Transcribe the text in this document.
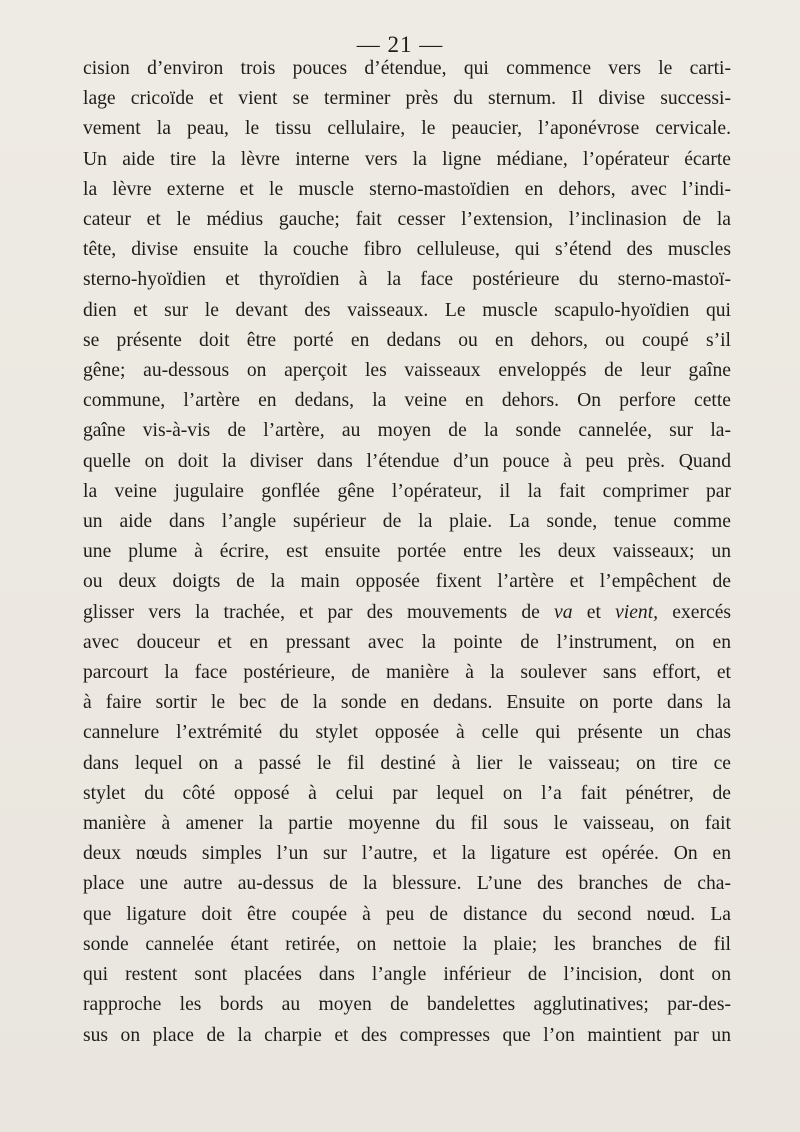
— 21 —
cision d’environ trois pouces d’étendue, qui commence vers le carti-
lage cricoïde et vient se terminer près du sternum. Il divise successi-
vement la peau, le tissu cellulaire, le peaucier, l’aponévrose cervicale.
Un aide tire la lèvre interne vers la ligne médiane, l’opérateur écarte
la lèvre externe et le muscle sterno-mastoïdien en dehors, avec l’indi-
cateur et le médius gauche; fait cesser l’extension, l’inclinasion de la
tête, divise ensuite la couche fibro celluleuse, qui s’étend des muscles
sterno-hyoïdien et thyroïdien à la face postérieure du sterno-mastoï-
dien et sur le devant des vaisseaux. Le muscle scapulo-hyoïdien qui
se présente doit être porté en dedans ou en dehors, ou coupé s’il
gêne; au-dessous on aperçoit les vaisseaux enveloppés de leur gaîne
commune, l’artère en dedans, la veine en dehors. On perfore cette
gaîne vis-à-vis de l’artère, au moyen de la sonde cannelée, sur la-
quelle on doit la diviser dans l’étendue d’un pouce à peu près. Quand
la veine jugulaire gonflée gêne l’opérateur, il la fait comprimer par
un aide dans l’angle supérieur de la plaie. La sonde, tenue comme
une plume à écrire, est ensuite portée entre les deux vaisseaux; un
ou deux doigts de la main opposée fixent l’artère et l’empêchent de
glisser vers la trachée, et par des mouvements de va et vient, exercés
avec douceur et en pressant avec la pointe de l’instrument, on en
parcourt la face postérieure, de manière à la soulever sans effort, et
à faire sortir le bec de la sonde en dedans. Ensuite on porte dans la
cannelure l’extrémité du stylet opposée à celle qui présente un chas
dans lequel on a passé le fil destiné à lier le vaisseau; on tire ce
stylet du côté opposé à celui par lequel on l’a fait pénétrer, de
manière à amener la partie moyenne du fil sous le vaisseau, on fait
deux nœuds simples l’un sur l’autre, et la ligature est opérée. On en
place une autre au-dessus de la blessure. L’une des branches de cha-
que ligature doit être coupée à peu de distance du second nœud. La
sonde cannelée étant retirée, on nettoie la plaie; les branches de fil
qui restent sont placées dans l’angle inférieur de l’incision, dont on
rapproche les bords au moyen de bandelettes agglutinatives; par-des-
sus on place de la charpie et des compresses que l’on maintient par un
